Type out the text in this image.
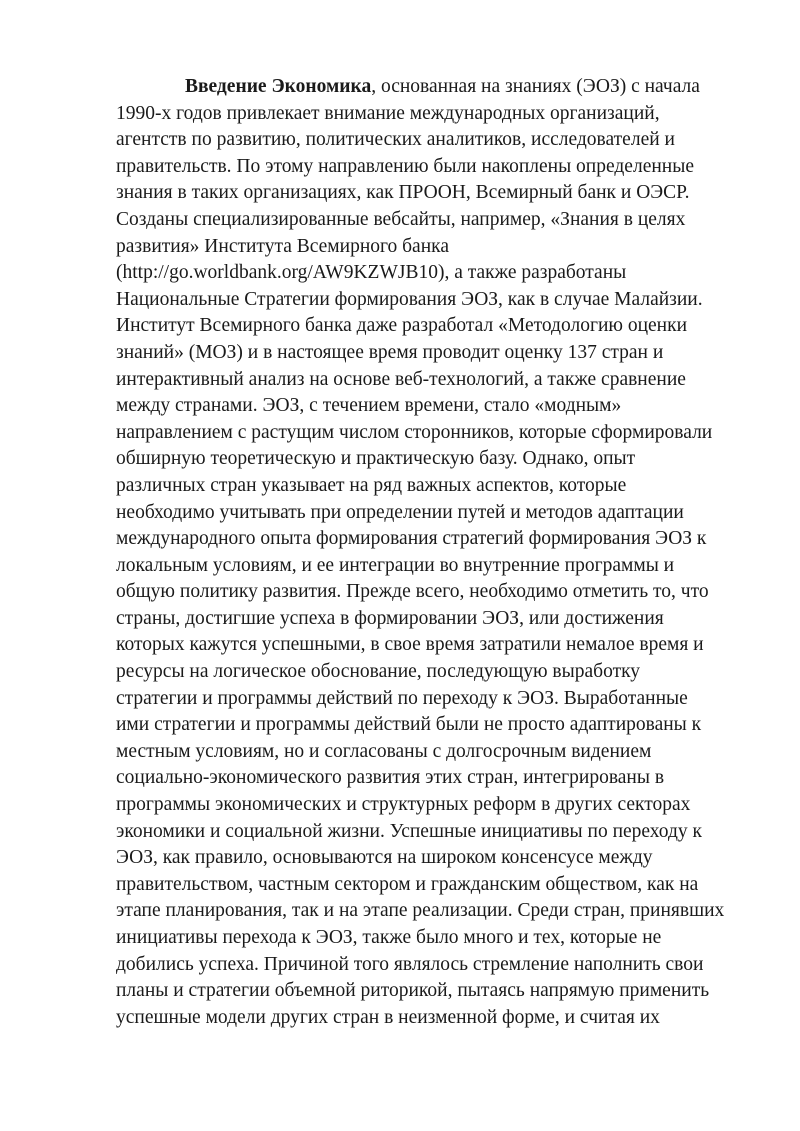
Введение Экономика, основанная на знаниях (ЭОЗ) с начала
1990-х годов привлекает внимание международных организаций,
агентств по развитию, политических аналитиков, исследователей и
правительств. По этому направлению были накоплены определенные
знания в таких организациях, как ПРООН, Всемирный банк и ОЭСР.
Созданы специализированные вебсайты, например, «Знания в целях
развития» Института Всемирного банка
(http://go.worldbank.org/AW9KZWJB10), а также разработаны
Национальные Стратегии формирования ЭОЗ, как в случае Малайзии.
Институт Всемирного банка даже разработал «Методологию оценки
знаний» (МОЗ) и в настоящее время проводит оценку 137 стран и
интерактивный анализ на основе веб-технологий, а также сравнение
между странами. ЭОЗ, с течением времени, стало «модным»
направлением с растущим числом сторонников, которые сформировали
обширную теоретическую и практическую базу. Однако, опыт
различных стран указывает на ряд важных аспектов, которые
необходимо учитывать при определении путей и методов адаптации
международного опыта формирования стратегий формирования ЭОЗ к
локальным условиям, и ее интеграции во внутренние программы и
общую политику развития. Прежде всего, необходимо отметить то, что
страны, достигшие успеха в формировании ЭОЗ, или достижения
которых кажутся успешными, в свое время затратили немалое время и
ресурсы на логическое обоснование, последующую выработку
стратегии и программы действий по переходу к ЭОЗ. Выработанные
ими стратегии и программы действий были не просто адаптированы к
местным условиям, но и согласованы с долгосрочным видением
социально-экономического развития этих стран, интегрированы в
программы экономических и структурных реформ в других секторах
экономики и социальной жизни. Успешные инициативы по переходу к
ЭОЗ, как правило, основываются на широком консенсусе между
правительством, частным сектором и гражданским обществом, как на
этапе планирования, так и на этапе реализации. Среди стран, принявших
инициативы перехода к ЭОЗ, также было много и тех, которые не
добились успеха. Причиной того являлось стремление наполнить свои
планы и стратегии объемной риторикой, пытаясь напрямую применить
успешные модели других стран в неизменной форме, и считая их
